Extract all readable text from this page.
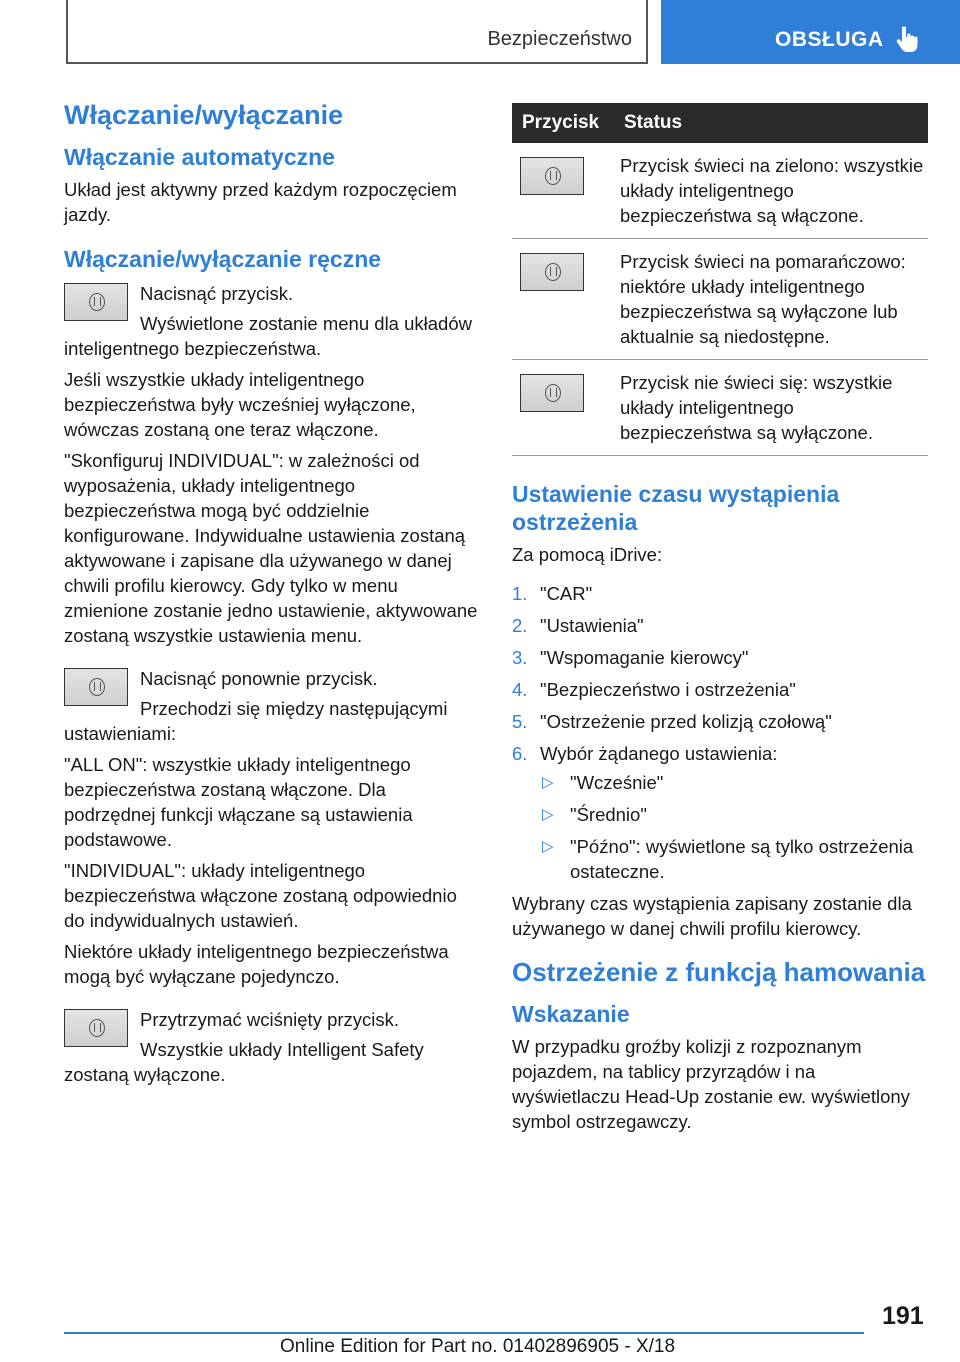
Bezpieczeństwo	OBSŁUGA
Włączanie/wyłączanie
Włączanie automatyczne

Układ jest aktywny przed każdym rozpoczęciem jazdy.

Włączanie/wyłączanie ręczne

Nacisnąć przycisk.

Wyświetlone zostanie menu dla układów inteligentnego bezpieczeństwa.

Jeśli wszystkie układy inteligentnego bezpieczeństwa były wcześniej wyłączone, wówczas zostaną one teraz włączone.

"Skonfiguruj INDIVIDUAL": w zależności od wyposażenia, układy inteligentnego bezpieczeństwa mogą być oddzielnie konfigurowane. Indywidualne ustawienia zostaną aktywowane i zapisane dla używanego w danej chwili profilu kierowcy. Gdy tylko w menu zmienione zostanie jedno ustawienie, aktywowane zostaną wszystkie ustawienia menu.

Nacisnąć ponownie przycisk.

Przechodzi się między następującymi ustawieniami:

"ALL ON": wszystkie układy inteligentnego bezpieczeństwa zostaną włączone. Dla podrzędnej funkcji włączane są ustawienia podstawowe.

"INDIVIDUAL": układy inteligentnego bezpieczeństwa włączone zostaną odpowiednio do indywidualnych ustawień.

Niektóre układy inteligentnego bezpieczeństwa mogą być wyłączane pojedynczo.

Przytrzymać wciśnięty przycisk.

Wszystkie układy Intelligent Safety zostaną wyłączone.

Przycisk	Status

	Przycisk świeci na zielono: wszystkie układy inteligentnego bezpieczeństwa są włączone.

	Przycisk świeci na pomarańczowo: niektóre układy inteligentnego bezpieczeństwa są wyłączone lub aktualnie są niedostępne.

	Przycisk nie świeci się: wszystkie układy inteligentnego bezpieczeństwa są wyłączone.
Ustawienie czasu wystąpienia ostrzeżenia

Za pomocą iDrive:

1. "CAR"
2. "Ustawienia"
3. "Wspomaganie kierowcy"
4. "Bezpieczeństwo i ostrzeżenia"
5. "Ostrzeżenie przed kolizją czołową"
6. Wybór żądanego ustawienia:
▷ "Wcześnie"
▷ "Średnio"
▷ "Późno": wyświetlone są tylko ostrzeżenia ostateczne.

Wybrany czas wystąpienia zapisany zostanie dla używanego w danej chwili profilu kierowcy.

Ostrzeżenie z funkcją hamowania
Wskazanie

W przypadku groźby kolizji z rozpoznanym pojazdem, na tablicy przyrządów i na wyświetlaczu Head-Up zostanie ew. wyświetlony symbol ostrzegawczy.

191
Online Edition for Part no. 01402896905 - X/18
